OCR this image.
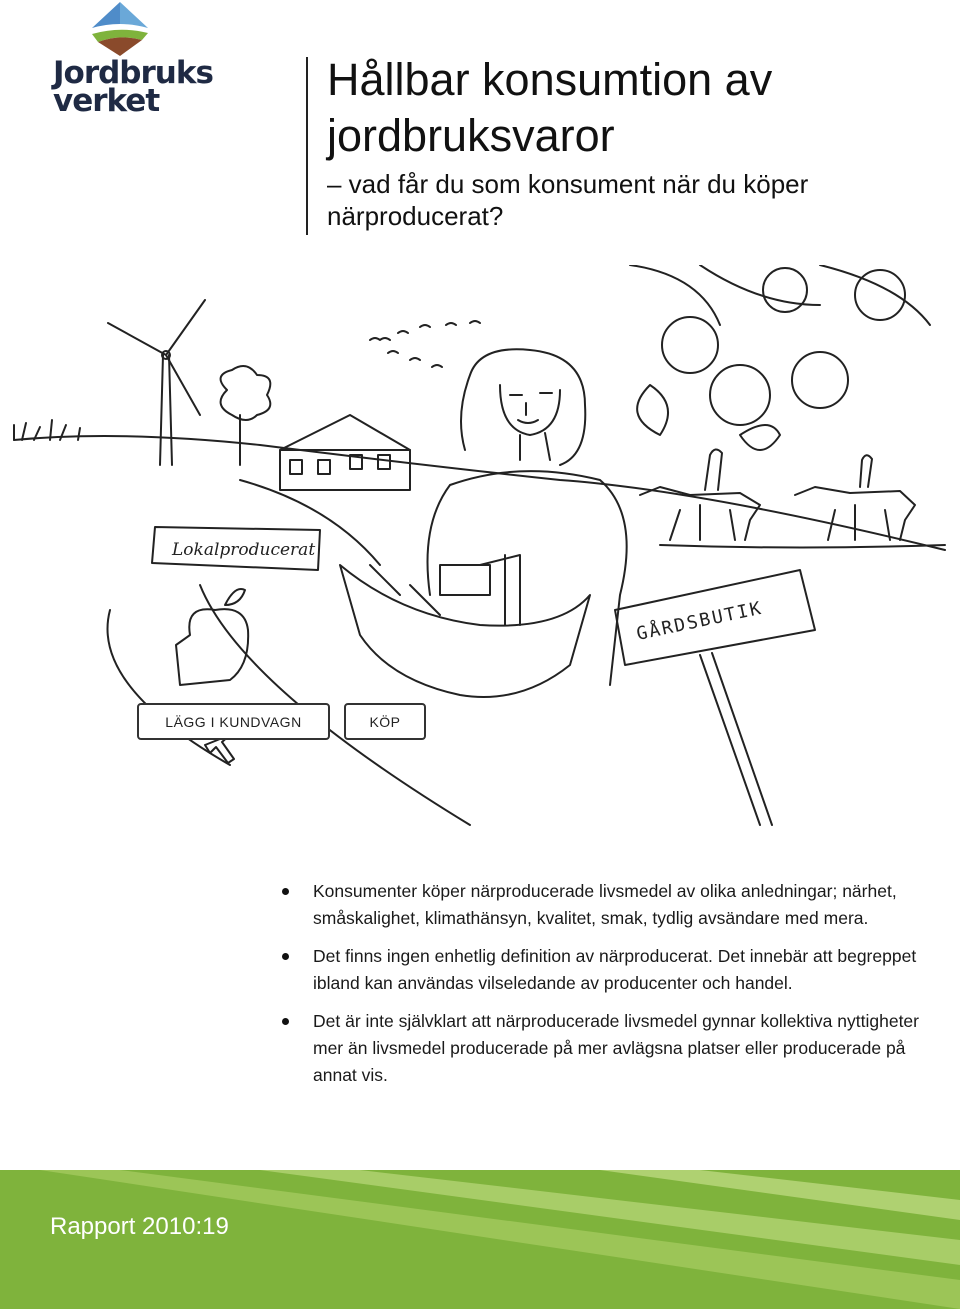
Jordbruks
verket	Hållbar konsumtion av jordbruksvaror
– vad får du som konsument när du köper närproducerat?
Lokalproducerat
GÅRDSBUTIK
LÄGG I KUNDVAGN	KÖP
Konsumenter köper närproducerade livsmedel av olika anledningar; närhet, småskalighet, klimathänsyn, kvalitet, smak, tydlig avsändare med mera.
Det finns ingen enhetlig definition av närproducerat. Det innebär att begreppet ibland kan användas vilseledande av producenter och handel.
Det är inte självklart att närproducerade livsmedel gynnar kollektiva nyttigheter mer än livsmedel producerade på mer avlägsna platser eller producerade på annat vis.
Rapport 2010:19
